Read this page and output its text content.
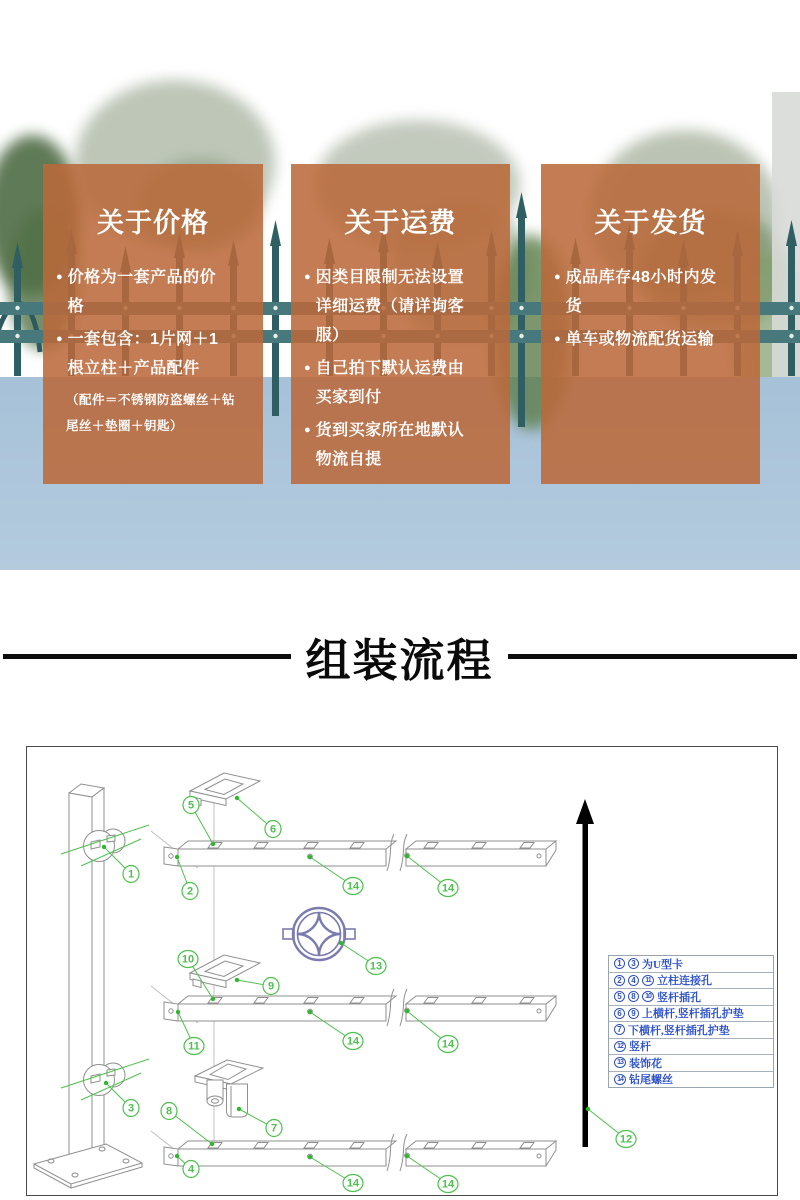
关于价格
● 价格为一套产品的价格
● 一套包含：1片网＋1根立柱＋产品配件
（配件＝不锈钢防盗螺丝＋钻尾丝＋垫圈＋钥匙）
关于运费
● 因类目限制无法设置详细运费（请详询客服）
● 自己拍下默认运费由买家到付
● 货到买家所在地默认物流自提
关于发货
● 成品库存48小时内发货
● 单车或物流配货运输
组装流程
1
2
5
6
14	14
10
9
13
11	14	14
8
7
4
3
14	14
12
1	3 为U型卡
2	4	11 立柱连接孔
5	8	10 竖杆插孔
6	9 上横杆,竖杆插孔护垫
7 下横杆,竖杆插孔护垫
12 竖杆
13 装饰花
14 钻尾螺丝
